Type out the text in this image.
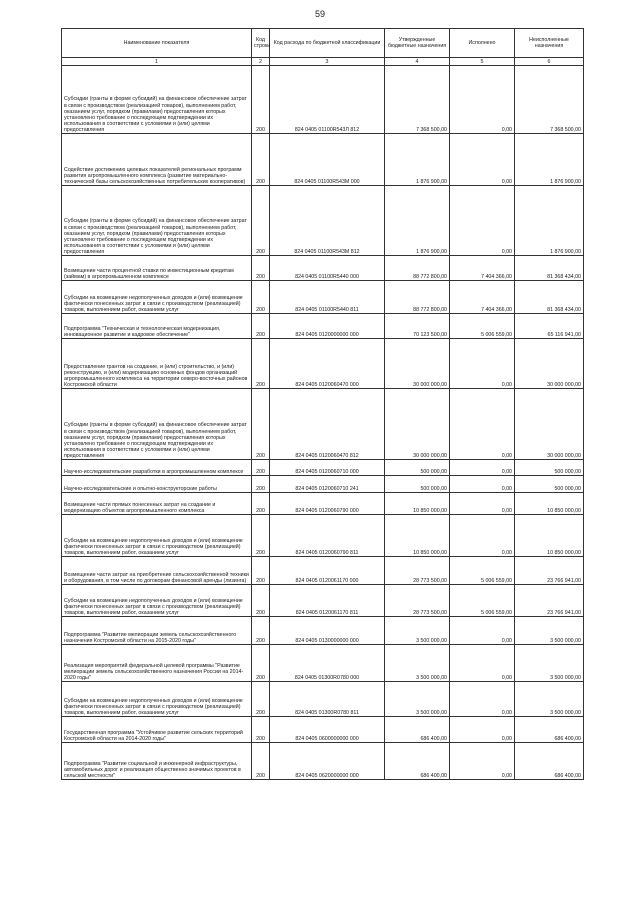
59
Наименование показателя	Код строки	Код расхода по бюджетной классификации	Утвержденные бюджетные назначения	Исполнено	Неисполненные назначения
1	2	3	4	5	6
Субсидии (гранты в форме субсидий) на финансовое обеспечение затрат в связи с производством (реализацией товаров), выполнением работ, оказанием услуг, порядком (правилами) предоставления которых установлено требование о последующем подтверждении их использования в соответствии с условиями и (или) целями предоставления	200	824 0405 01100R543Л 812	7 368 500,00	0,00	7 368 500,00
Содействие достижению целевых показателей региональных программ развития агропромышленного комплекса (развитие материально-технической базы сельскохозяйственных потребительских кооперативов)	200	824 0405 01100R543М 000	1 876 900,00	0,00	1 876 900,00
Субсидии (гранты в форме субсидий) на финансовое обеспечение затрат в связи с производством (реализацией товаров), выполнением работ, оказанием услуг, порядком (правилами) предоставления которых установлено требование о последующем подтверждении их использования в соответствии с условиями и (или) целями предоставления	200	824 0405 01100R543М 812	1 876 900,00	0,00	1 876 900,00
Возмещение части процентной ставки по инвестиционным кредитам (займам) в агропромышленном комплексе	200	824 0405 01100R5440 000	88 772 800,00	7 404 366,00	81 368 434,00
Субсидии на возмещение недополученных доходов и (или) возмещение фактически понесенных затрат в связи с производством (реализацией) товаров, выполнением работ, оказанием услуг	200	824 0405 01100R5440 811	88 772 800,00	7 404 366,00	81 368 434,00
Подпрограмма "Техническая и технологическая модернизация, инновационное развитие и кадровое обеспечение"	200	824 0405 0120000000 000	70 123 500,00	5 006 559,00	65 116 941,00
Предоставление грантов на создание, и (или) строительство, и (или) реконструкцию, и (или) модернизацию основных фондов организаций агропромышленного комплекса на территории северо-восточных районов Костромской области	200	824 0405 0120060470 000	30 000 000,00	0,00	30 000 000,00
Субсидии (гранты в форме субсидий) на финансовое обеспечение затрат в связи с производством (реализацией товаров), выполнением работ, оказанием услуг, порядком (правилами) предоставления которых установлено требование о последующем подтверждении их использования в соответствии с условиями и (или) целями предоставления	200	824 0405 0120060470 812	30 000 000,00	0,00	30 000 000,00
Научно-исследовательские разработки в агропромышленном комплексе	200	824 0405 0120060710 000	500 000,00	0,00	500 000,00
Научно-исследовательские и опытно-конструкторские работы	200	824 0405 0120060710 241	500 000,00	0,00	500 000,00
Возмещение части прямых понесенных затрат на создание и модернизацию объектов агропромышленного комплекса	200	824 0405 0120060790 000	10 850 000,00	0,00	10 850 000,00
Субсидии на возмещение недополученных доходов и (или) возмещение фактически понесенных затрат в связи с производством (реализацией) товаров, выполнением работ, оказанием услуг	200	824 0405 0120060790 811	10 850 000,00	0,00	10 850 000,00
Возмещение части затрат на приобретение сельскохозяйственной техники и оборудования, в том числе по договорам финансовой аренды (лизинга)	200	824 0405 0120061170 000	28 773 500,00	5 006 559,00	23 766 941,00
Субсидии на возмещение недополученных доходов и (или) возмещение фактически понесенных затрат в связи с производством (реализацией) товаров, выполнением работ, оказанием услуг	200	824 0405 0120061170 811	28 773 500,00	5 006 559,00	23 766 941,00
Подпрограмма "Развитие мелиорации земель сельскохозяйственного назначения Костромской области на 2015-2020 годы"	200	824 0405 0130000000 000	3 500 000,00	0,00	3 500 000,00
Реализация мероприятий федеральной целевой программы "Развитие мелиорации земель сельскохозяйственного назначения России на 2014-2020 годы"	200	824 0405 01300R0780 000	3 500 000,00	0,00	3 500 000,00
Субсидии на возмещение недополученных доходов и (или) возмещение фактически понесенных затрат в связи с производством (реализацией) товаров, выполнением работ, оказанием услуг	200	824 0405 01300R0780 811	3 500 000,00	0,00	3 500 000,00
Государственная программа "Устойчивое развитие сельских территорий Костромской области на 2014-2020 годы"	200	824 0405 0600000000 000	686 400,00	0,00	686 400,00
Подпрограмма "Развитие социальной и инженерной инфраструктуры, автомобильных дорог и реализация общественно значимых проектов в сельской местности"	200	824 0405 0620000000 000	686 400,00	0,00	686 400,00
